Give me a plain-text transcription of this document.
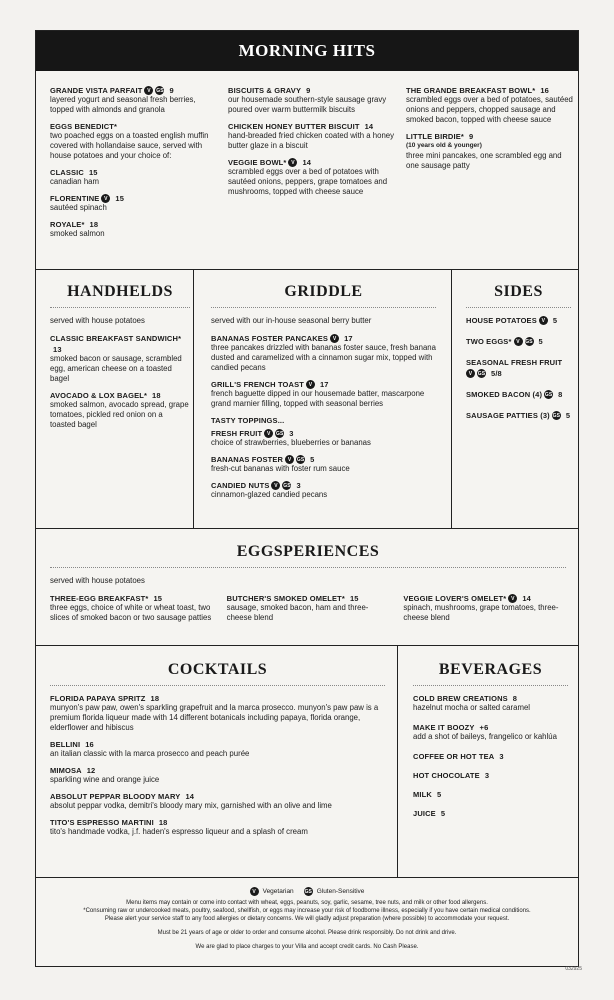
MORNING HITS
GRANDE VISTA PARFAIT V	GS 9
layered yogurt and seasonal fresh berries, topped with almonds and granola
EGGS BENEDICT*
two poached eggs on a toasted english muffin covered with hollandaise sauce, served with house potatoes and your choice of:
CLASSIC 15
canadian ham
FLORENTINE V	15
sautéed spinach
ROYALE* 18
smoked salmon
BISCUITS & GRAVY 9
our housemade southern-style sausage gravy poured over warm buttermilk biscuits
CHICKEN HONEY BUTTER BISCUIT 14
hand-breaded fried chicken coated with a honey butter glaze in a biscuit
VEGGIE BOWL* V	14
scrambled eggs over a bed of potatoes with sautéed onions, peppers, grape tomatoes and mushrooms, topped with cheese sauce
THE GRANDE BREAKFAST BOWL* 16
scrambled eggs over a bed of potatoes, sautéed onions and peppers, chopped sausage and smoked bacon, topped with cheese sauce
LITTLE BIRDIE* 9
(10 years old & younger)
three mini pancakes, one scrambled egg and one sausage patty
HANDHELDS
served with house potatoes
CLASSIC BREAKFAST SANDWICH*
13
smoked bacon or sausage, scrambled egg, american cheese on a toasted bagel
AVOCADO & LOX BAGEL* 18
smoked salmon, avocado spread, grape tomatoes, pickled red onion on a toasted bagel
GRIDDLE
served with our in-house seasonal berry butter
BANANAS FOSTER PANCAKES V	17
three pancakes drizzled with bananas foster sauce, fresh banana dusted and caramelized with a cinnamon sugar mix, topped with candied pecans
GRILL'S FRENCH TOAST V	17
french baguette dipped in our housemade batter, mascarpone grand marnier filling, topped with seasonal berries
TASTY TOPPINGS...
FRESH FRUIT V	GS 3
choice of strawberries, blueberries or bananas
BANANAS FOSTER V	GS 5
fresh-cut bananas with foster rum sauce
CANDIED NUTS V	GS 3
cinnamon-glazed candied pecans
SIDES
HOUSE POTATOES V	5
TWO EGGS* V	GS 5
SEASONAL FRESH FRUIT
V	GS 5/8
SMOKED BACON (4) GS 8
SAUSAGE PATTIES (3) GS 5
EGGSPERIENCES
served with house potatoes
THREE-EGG BREAKFAST* 15
three eggs, choice of white or wheat toast, two slices of smoked bacon or two sausage patties
BUTCHER'S SMOKED OMELET* 15
sausage, smoked bacon, ham and three-cheese blend
VEGGIE LOVER'S OMELET* V	14
spinach, mushrooms, grape tomatoes, three-cheese blend
COCKTAILS
FLORIDA PAPAYA SPRITZ 18
munyon's paw paw, owen's sparkling grapefruit and la marca prosecco. munyon's paw paw is a premium florida liqueur made with 14 different botanicals including papaya, florida orange, elderflower and hibiscus
BELLINI 16
an italian classic with la marca prosecco and peach purée
MIMOSA 12
sparkling wine and orange juice
ABSOLUT PEPPAR BLOODY MARY 14
absolut peppar vodka, demitri's bloody mary mix, garnished with an olive and lime
TITO'S ESPRESSO MARTINI 18
tito's handmade vodka, j.f. haden's espresso liqueur and a splash of cream
BEVERAGES
COLD BREW CREATIONS 8
hazelnut mocha or salted caramel
MAKE IT BOOZY +6
add a shot of baileys, frangelico or kahlúa
COFFEE OR HOT TEA 3
HOT CHOCOLATE 3
MILK 5
JUICE 5
V	Vegetarian GS Gluten-Sensitive
Menu items may contain or come into contact with wheat, eggs, peanuts, soy, garlic, sesame, tree nuts, and milk or other food allergens.
*Consuming raw or undercooked meats, poultry, seafood, shellfish, or eggs may increase your risk of foodborne illness, especially if you have certain medical conditions.
Please alert your service staff to any food allergies or dietary concerns. We will gladly adjust preparation (where possible) to accommodate your request.
Must be 21 years of age or older to order and consume alcohol. Please drink responsibly. Do not drink and drive.
We are glad to place charges to your Villa and accept credit cards. No Cash Please.
032925
